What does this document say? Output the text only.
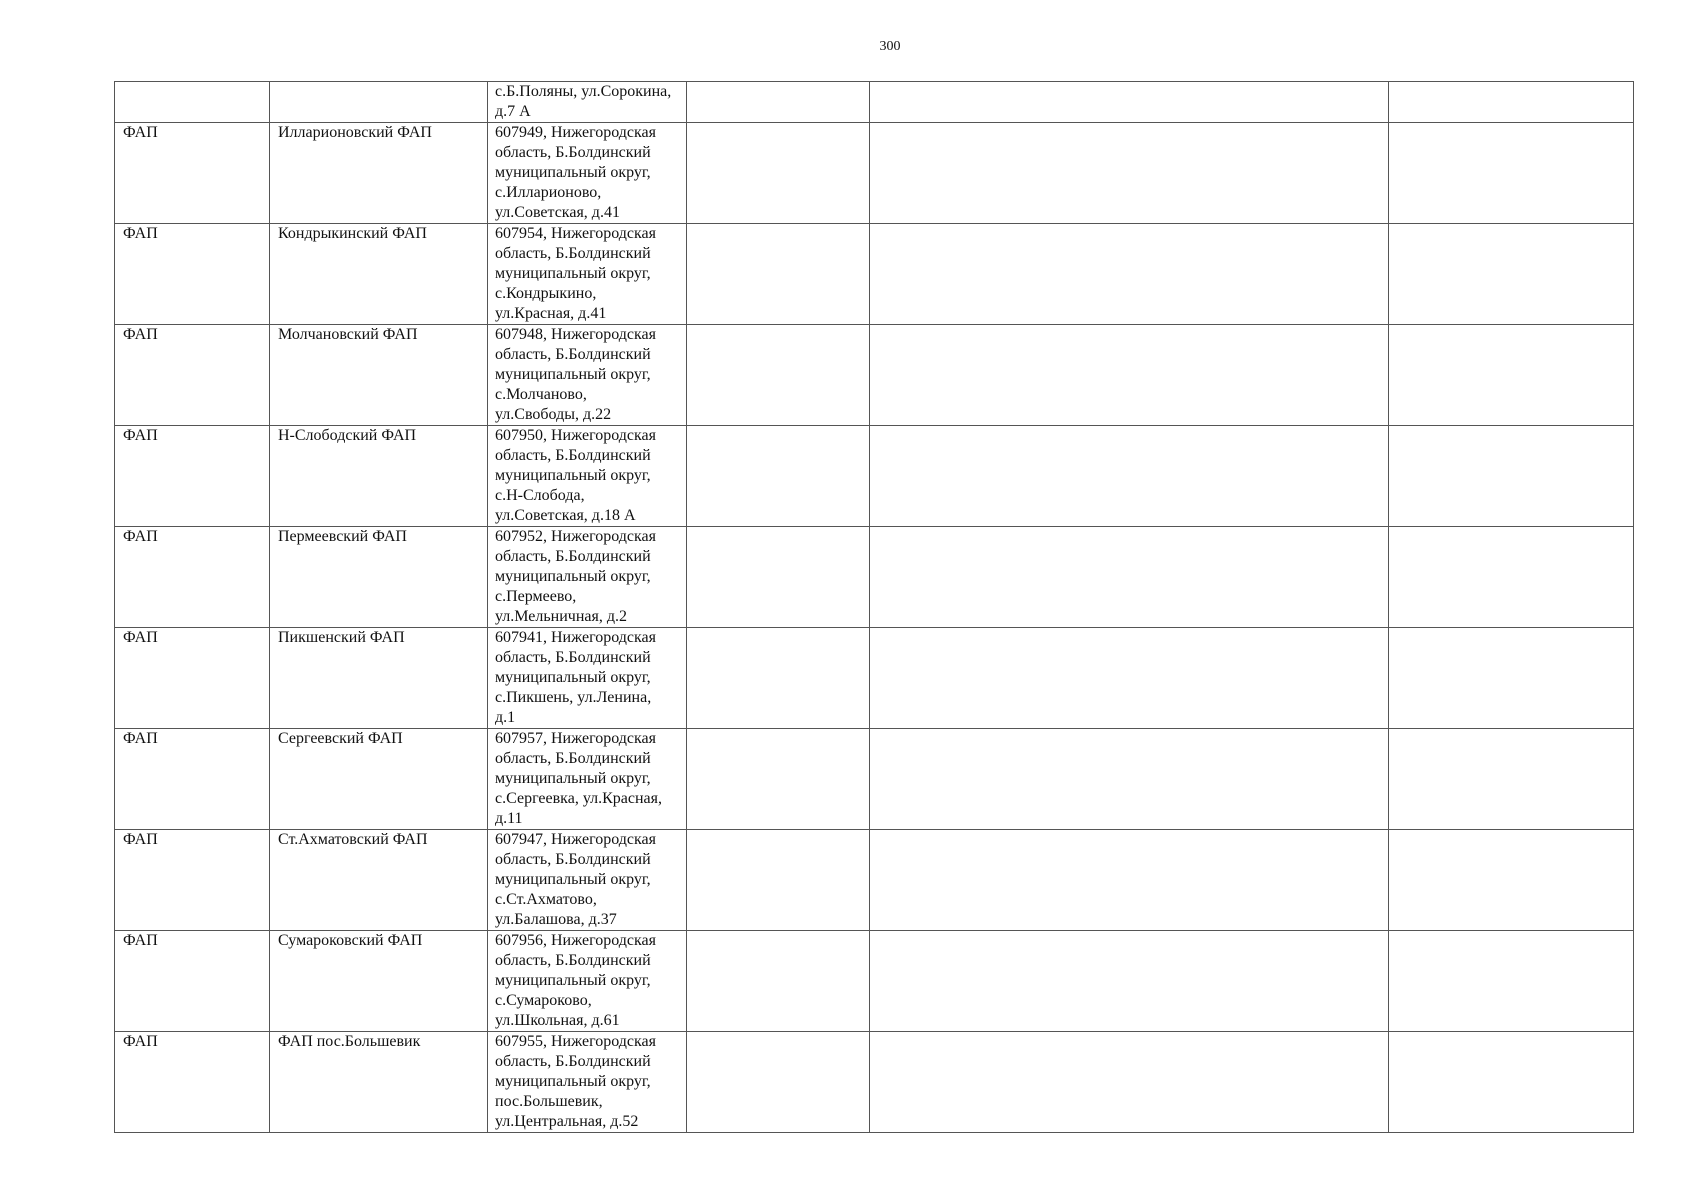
300

		с.Б.Поляны, ул.Сорокина,
д.7 А			

ФАП	Илларионовский ФАП	607949, Нижегородская
область, Б.Болдинский
муниципальный округ,
с.Илларионово,
ул.Советская, д.41			

ФАП	Кондрыкинский ФАП	607954, Нижегородская
область, Б.Болдинский
муниципальный округ,
с.Кондрыкино,
ул.Красная, д.41			

ФАП	Молчановский ФАП	607948, Нижегородская
область, Б.Болдинский
муниципальный округ,
с.Молчаново,
ул.Свободы, д.22			

ФАП	Н-Слободский ФАП	607950, Нижегородская
область, Б.Болдинский
муниципальный округ,
с.Н-Слобода,
ул.Советская, д.18 А			

ФАП	Пермеевский ФАП	607952, Нижегородская
область, Б.Болдинский
муниципальный округ,
с.Пермеево,
ул.Мельничная, д.2			

ФАП	Пикшенский ФАП	607941, Нижегородская
область, Б.Болдинский
муниципальный округ,
с.Пикшень, ул.Ленина,
д.1			

ФАП	Сергеевский ФАП	607957, Нижегородская
область, Б.Болдинский
муниципальный округ,
с.Сергеевка, ул.Красная,
д.11			

ФАП	Ст.Ахматовский ФАП	607947, Нижегородская
область, Б.Болдинский
муниципальный округ,
с.Ст.Ахматово,
ул.Балашова, д.37			

ФАП	Сумароковский ФАП	607956, Нижегородская
область, Б.Болдинский
муниципальный округ,
с.Сумароково,
ул.Школьная, д.61			

ФАП	ФАП пос.Большевик	607955, Нижегородская
область, Б.Болдинский
муниципальный округ,
пос.Большевик,
ул.Центральная, д.52			
